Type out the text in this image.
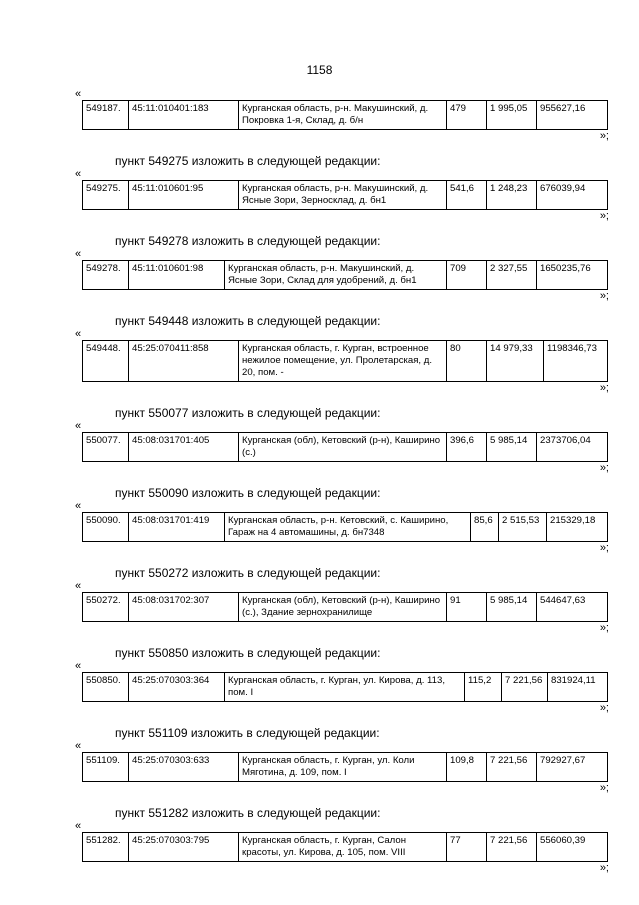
1158
«
549187.	45:11:010401:183	Курганская область, р-н. Макушинский, д. Покровка 1-я, Склад, д. б/н	479	1 995,05	955627,16
»;
пункт 549275 изложить в следующей редакции:
«
549275.	45:11:010601:95	Курганская область, р-н. Макушинский, д. Ясные Зори, Зерносклад, д. бн1	541,6	1 248,23	676039,94
»;
пункт 549278 изложить в следующей редакции:
«
549278.	45:11:010601:98	Курганская область, р-н. Макушинский, д. Ясные Зори, Склад для удобрений, д. бн1	709	2 327,55	1650235,76
»;
пункт 549448 изложить в следующей редакции:
«
549448.	45:25:070411:858	Курганская область, г. Курган, встроенное нежилое помещение, ул. Пролетарская, д. 20, пом. -	80	14 979,33	1198346,73
»;
пункт 550077 изложить в следующей редакции:
«
550077.	45:08:031701:405	Курганская (обл), Кетовский (р-н), Каширино (с.)	396,6	5 985,14	2373706,04
»;
пункт 550090 изложить в следующей редакции:
«
550090.	45:08:031701:419	Курганская область, р-н. Кетовский, с. Каширино, Гараж на 4 автомашины, д. бн7348	85,6	2 515,53	215329,18
»;
пункт 550272 изложить в следующей редакции:
«
550272.	45:08:031702:307	Курганская (обл), Кетовский (р-н), Каширино (с.), Здание зернохранилище	91	5 985,14	544647,63
»;
пункт 550850 изложить в следующей редакции:
«
550850.	45:25:070303:364	Курганская область, г. Курган, ул. Кирова, д. 113, пом. I	115,2	7 221,56	831924,11
»;
пункт 551109 изложить в следующей редакции:
«
551109.	45:25:070303:633	Курганская область, г. Курган, ул. Коли Мяготина, д. 109, пом. I	109,8	7 221,56	792927,67
»;
пункт 551282 изложить в следующей редакции:
«
551282.	45:25:070303:795	Курганская область, г. Курган, Салон красоты, ул. Кирова, д. 105, пом. VIII	77	7 221,56	556060,39
»;
